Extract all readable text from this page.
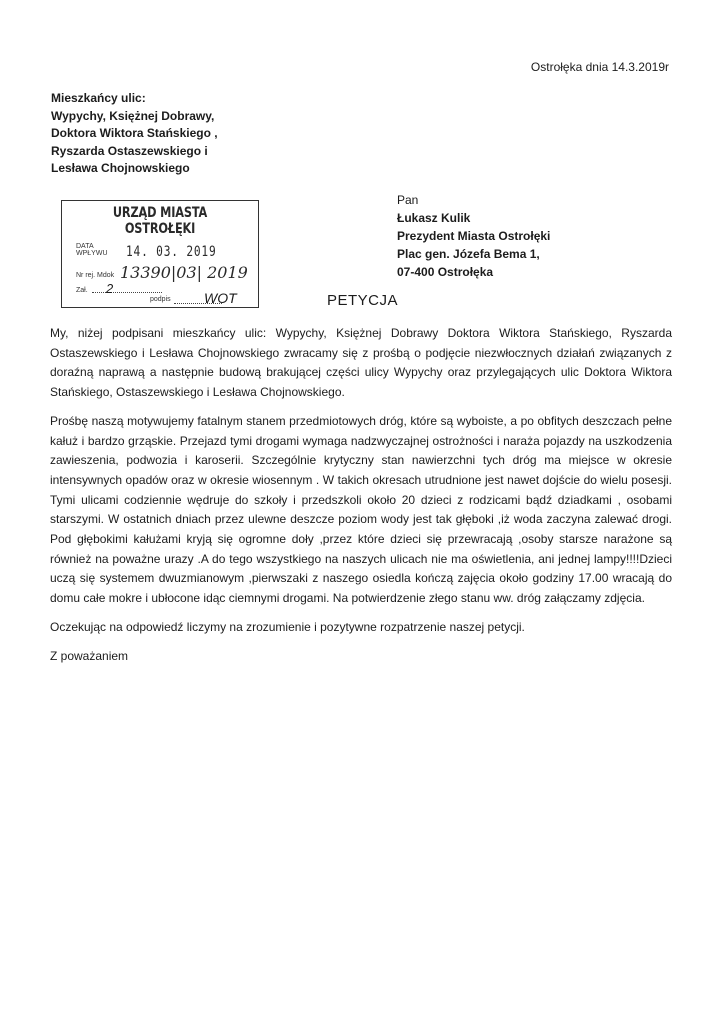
Ostrołęka dnia 14.3.2019r
Mieszkańcy ulic:
Wypychy, Księżnej Dobrawy,
Doktora Wiktora Stańskiego ,
Ryszarda Ostaszewskiego i
Lesława Chojnowskiego
Pan
Łukasz Kulik
Prezydent Miasta Ostrołęki
Plac gen. Józefa Bema 1,
07-400 Ostrołęka
URZĄD MIASTA OSTROŁĘKI
DATA WPŁYWU 14. 03. 2019
Nr rej. Mdok 13390|03| 2019
Zał. 2
podpis WOT	PETYCJA

My, niżej podpisani mieszkańcy ulic: Wypychy, Księżnej Dobrawy Doktora Wiktora Stańskiego, Ryszarda Ostaszewskiego i Lesława Chojnowskiego zwracamy się z prośbą o podjęcie niezwłocznych działań związanych z doraźną naprawą a następnie budową brakującej części ulicy Wypychy oraz przylegających ulic Doktora Wiktora Stańskiego, Ostaszewskiego i Lesława Chojnowskiego.

Prośbę naszą motywujemy fatalnym stanem przedmiotowych dróg, które są wyboiste, a po obfitych deszczach pełne kałuż i bardzo grząskie. Przejazd tymi drogami wymaga nadzwyczajnej ostrożności i naraża pojazdy na uszkodzenia zawieszenia, podwozia i karoserii. Szczególnie krytyczny stan nawierzchni tych dróg ma miejsce w okresie intensywnych opadów oraz w okresie wiosennym . W takich okresach utrudnione jest nawet dojście do wielu posesji. Tymi ulicami codziennie wędruje do szkoły i przedszkoli około 20 dzieci z rodzicami bądź dziadkami , osobami starszymi. W ostatnich dniach przez ulewne deszcze poziom wody jest tak głęboki ,iż woda zaczyna zalewać drogi. Pod głębokimi kałużami kryją się ogromne doły ,przez które dzieci się przewracają ,osoby starsze narażone są również na poważne urazy .A do tego wszystkiego na naszych ulicach nie ma oświetlenia, ani jednej lampy!!!!Dzieci uczą się systemem dwuzmianowym ,pierwszaki z naszego osiedla kończą zajęcia około godziny 17.00 wracają do domu całe mokre i ubłocone idąc ciemnymi drogami. Na potwierdzenie złego stanu ww. dróg załączamy zdjęcia.

Oczekując na odpowiedź liczymy na zrozumienie i pozytywne rozpatrzenie naszej petycji.

Z poważaniem
